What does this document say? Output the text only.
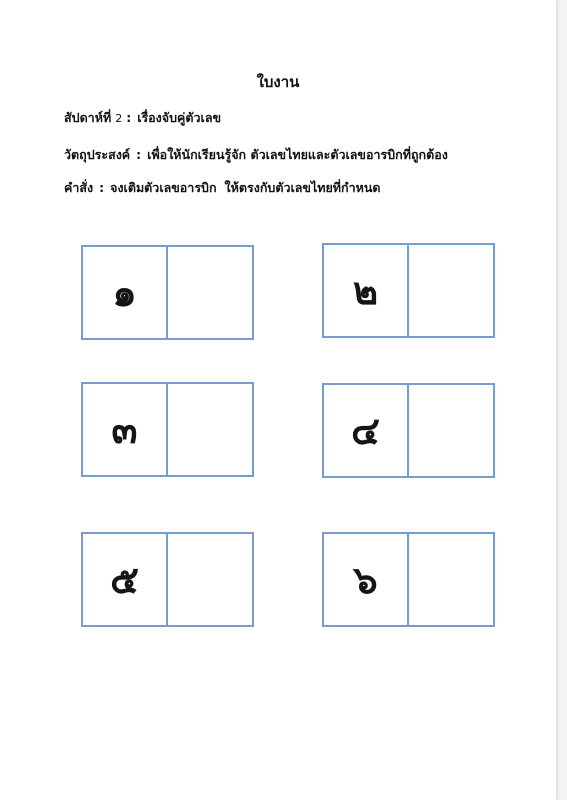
ใบงาน
สัปดาห์ที่ 2 : เรื่องจับคู่ตัวเลข
วัตถุประสงค์ : เพื่อให้นักเรียนรู้จัก ตัวเลขไทยและตัวเลขอารบิกที่ถูกต้อง
คำสั่ง : จงเติมตัวเลขอารบิก ให้ตรงกับตัวเลขไทยที่กำหนด
๑	๒
๓	๔
๕	๖
